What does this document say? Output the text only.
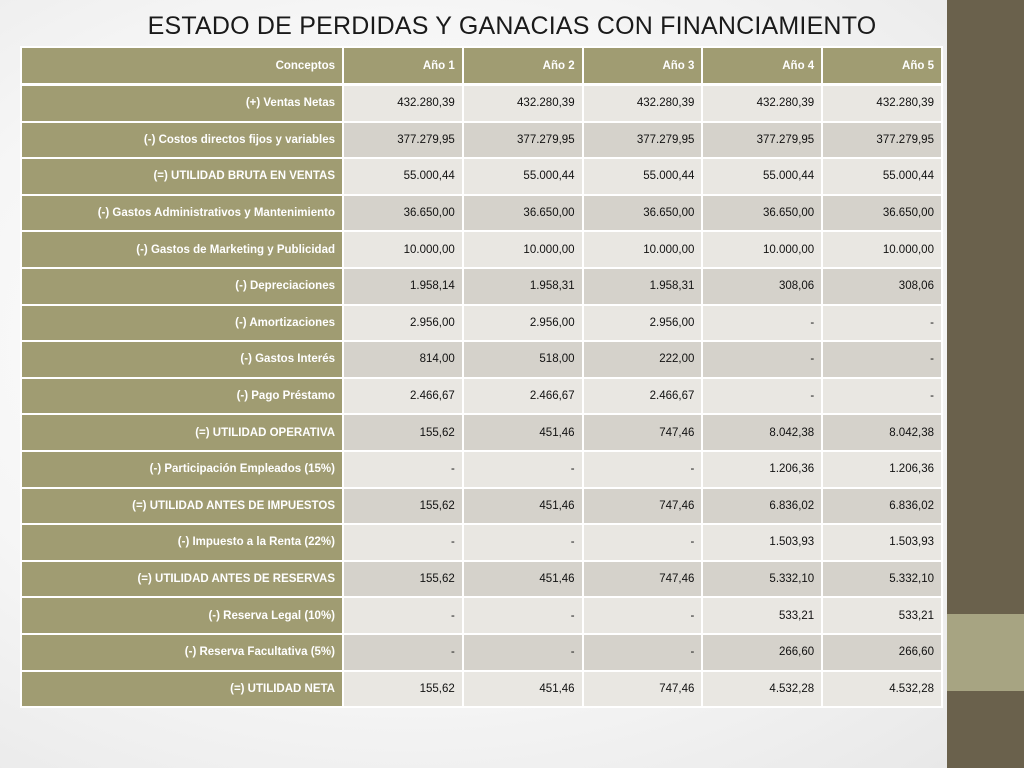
ESTADO DE PERDIDAS Y GANACIAS CON FINANCIAMIENTO
Conceptos	Año 1	Año 2	Año 3	Año 4	Año 5
(+) Ventas Netas	432.280,39	432.280,39	432.280,39	432.280,39	432.280,39
(-) Costos directos fijos y variables	377.279,95	377.279,95	377.279,95	377.279,95	377.279,95
(=) UTILIDAD BRUTA EN VENTAS	55.000,44	55.000,44	55.000,44	55.000,44	55.000,44
(-) Gastos Administrativos y Mantenimiento	36.650,00	36.650,00	36.650,00	36.650,00	36.650,00
(-) Gastos de Marketing y Publicidad	10.000,00	10.000,00	10.000,00	10.000,00	10.000,00
(-) Depreciaciones	1.958,14	1.958,31	1.958,31	308,06	308,06
(-) Amortizaciones	2.956,00	2.956,00	2.956,00	-	-
(-) Gastos Interés	814,00	518,00	222,00	-	-
(-) Pago Préstamo	2.466,67	2.466,67	2.466,67	-	-
(=) UTILIDAD OPERATIVA	155,62	451,46	747,46	8.042,38	8.042,38
(-) Participación Empleados (15%)	-	-	-	1.206,36	1.206,36
(=) UTILIDAD ANTES DE IMPUESTOS	155,62	451,46	747,46	6.836,02	6.836,02
(-) Impuesto a la Renta (22%)	-	-	-	1.503,93	1.503,93
(=) UTILIDAD ANTES DE RESERVAS	155,62	451,46	747,46	5.332,10	5.332,10
(-) Reserva Legal (10%)	-	-	-	533,21	533,21
(-) Reserva Facultativa (5%)	-	-	-	266,60	266,60
(=) UTILIDAD NETA	155,62	451,46	747,46	4.532,28	4.532,28
